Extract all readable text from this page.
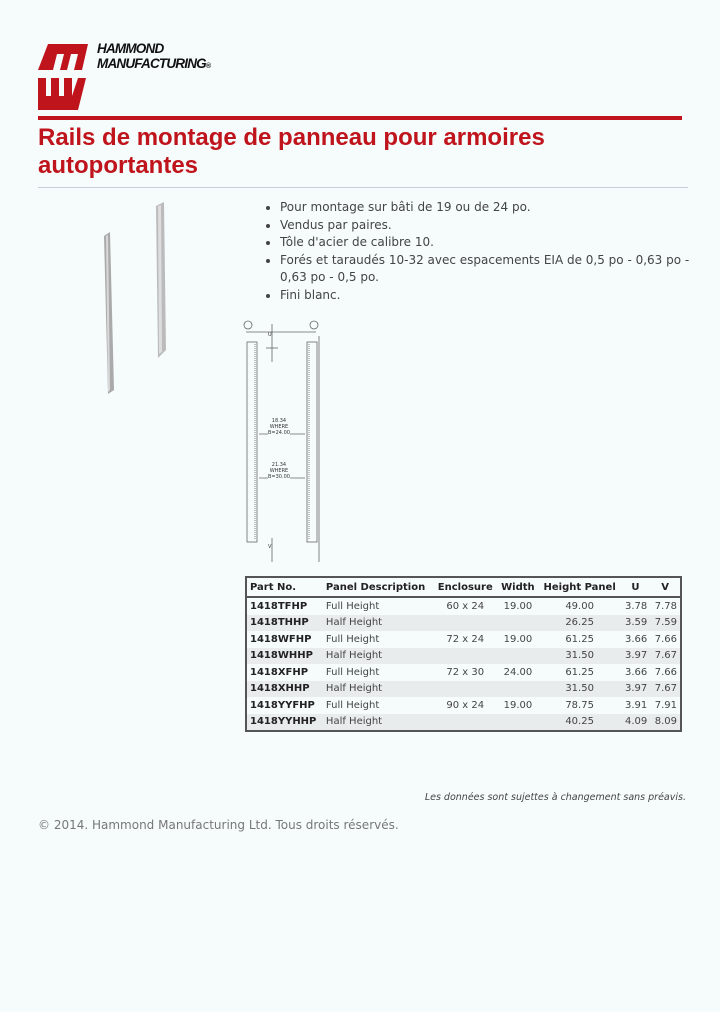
HAMMOND
MANUFACTURING®
Rails de montage de panneau pour armoires autoportantes
• Pour montage sur bâti de 19 ou de 24 po.
• Vendus par paires.
• Tôle d'acier de calibre 10.
• Forés et taraudés 10-32 avec espacements EIA de 0,5 po - 0,63 po - 0,63 po - 0,5 po.
• Fini blanc.
U
V
18.34
WHERE
B=24.00
21.34
WHERE
B=30.00
Part No.	Panel Description	Enclosure	Width	Height Panel	U	V
1418TFHP	Full Height	60 x 24	19.00	49.00	3.78	7.78
1418THHP	Half Height			26.25	3.59	7.59
1418WFHP	Full Height	72 x 24	19.00	61.25	3.66	7.66
1418WHHP	Half Height			31.50	3.97	7.67
1418XFHP	Full Height	72 x 30	24.00	61.25	3.66	7.66
1418XHHP	Half Height			31.50	3.97	7.67
1418YYFHP	Full Height	90 x 24	19.00	78.75	3.91	7.91
1418YYHHP	Half Height			40.25	4.09	8.09
Les données sont sujettes à changement sans préavis.
© 2014. Hammond Manufacturing Ltd. Tous droits réservés.
